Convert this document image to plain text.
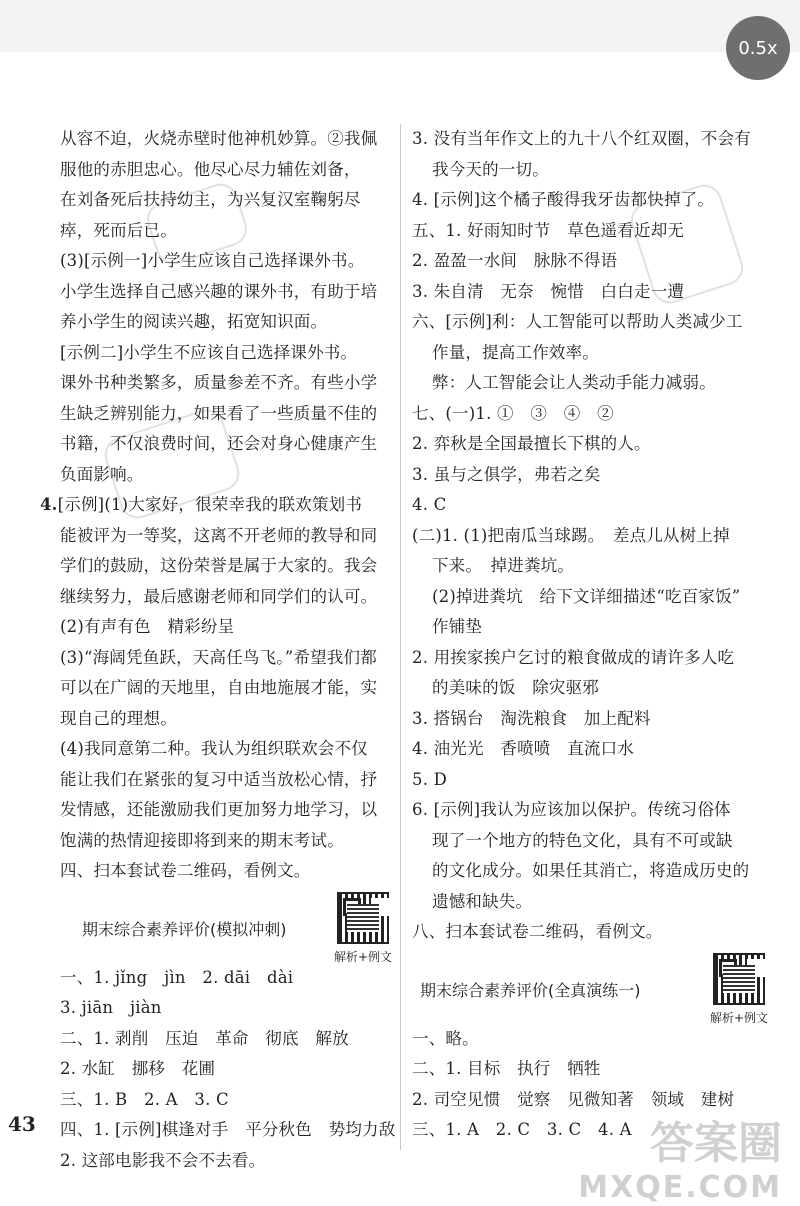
0.5x
从容不迫，火烧赤壁时他神机妙算。②我佩
服他的赤胆忠心。他尽心尽力辅佐刘备，
在刘备死后扶持幼主，为兴复汉室鞠躬尽
瘁，死而后已。
(3)[示例一]小学生应该自己选择课外书。
小学生选择自己感兴趣的课外书，有助于培
养小学生的阅读兴趣，拓宽知识面。
[示例二]小学生不应该自己选择课外书。
课外书种类繁多，质量参差不齐。有些小学
生缺乏辨别能力，如果看了一些质量不佳的
书籍，不仅浪费时间，还会对身心健康产生
负面影响。
4.[示例](1)大家好，很荣幸我的联欢策划书
能被评为一等奖，这离不开老师的教导和同
学们的鼓励，这份荣誉是属于大家的。我会
继续努力，最后感谢老师和同学们的认可。
(2)有声有色　精彩纷呈
(3)“海阔凭鱼跃，天高任鸟飞。”希望我们都
可以在广阔的天地里，自由地施展才能，实
现自己的理想。
(4)我同意第二种。我认为组织联欢会不仅
能让我们在紧张的复习中适当放松心情，抒
发情感，还能激励我们更加努力地学习，以
饱满的热情迎接即将到来的期末考试。
四、扫本套试卷二维码，看例文。
期末综合素养评价(模拟冲刺)
解析+例文
一、1. jǐng　jìn　2. dāi　dài
3. jiān　jiàn
二、1. 剥削　压迫　革命　彻底　解放
2. 水缸　挪移　花圃
三、1. B　2. A　3. C
四、1. [示例]棋逢对手　平分秋色　势均力敌
2. 这部电影我不会不去看。
3. 没有当年作文上的九十八个红双圈，不会有
我今天的一切。
4. [示例]这个橘子酸得我牙齿都快掉了。
五、1. 好雨知时节　草色遥看近却无
2. 盈盈一水间　脉脉不得语
3. 朱自清　无奈　惋惜　白白走一遭
六、[示例]利：人工智能可以帮助人类减少工
作量，提高工作效率。
弊：人工智能会让人类动手能力减弱。
七、(一)1. ①　③　④　②
2. 弈秋是全国最擅长下棋的人。
3. 虽与之俱学，弗若之矣
4. C
(二)1. (1)把南瓜当球踢。　差点儿从树上掉
下来。　掉进粪坑。
(2)掉进粪坑　给下文详细描述“吃百家饭”
作铺垫
2. 用挨家挨户乞讨的粮食做成的请许多人吃
的美味的饭　除灾驱邪
3. 搭锅台　淘洗粮食　加上配料
4. 油光光　香喷喷　直流口水
5. D
6. [示例]我认为应该加以保护。传统习俗体
现了一个地方的特色文化，具有不可或缺
的文化成分。如果任其消亡，将造成历史的
遗憾和缺失。
八、扫本套试卷二维码，看例文。
期末综合素养评价(全真演练一)
解析+例文
一、略。
二、1. 目标　执行　牺牲
2. 司空见惯　觉察　见微知著　领域　建树
三、1. A　2. C　3. C　4. A
43	答案圈
MXQE.COM
